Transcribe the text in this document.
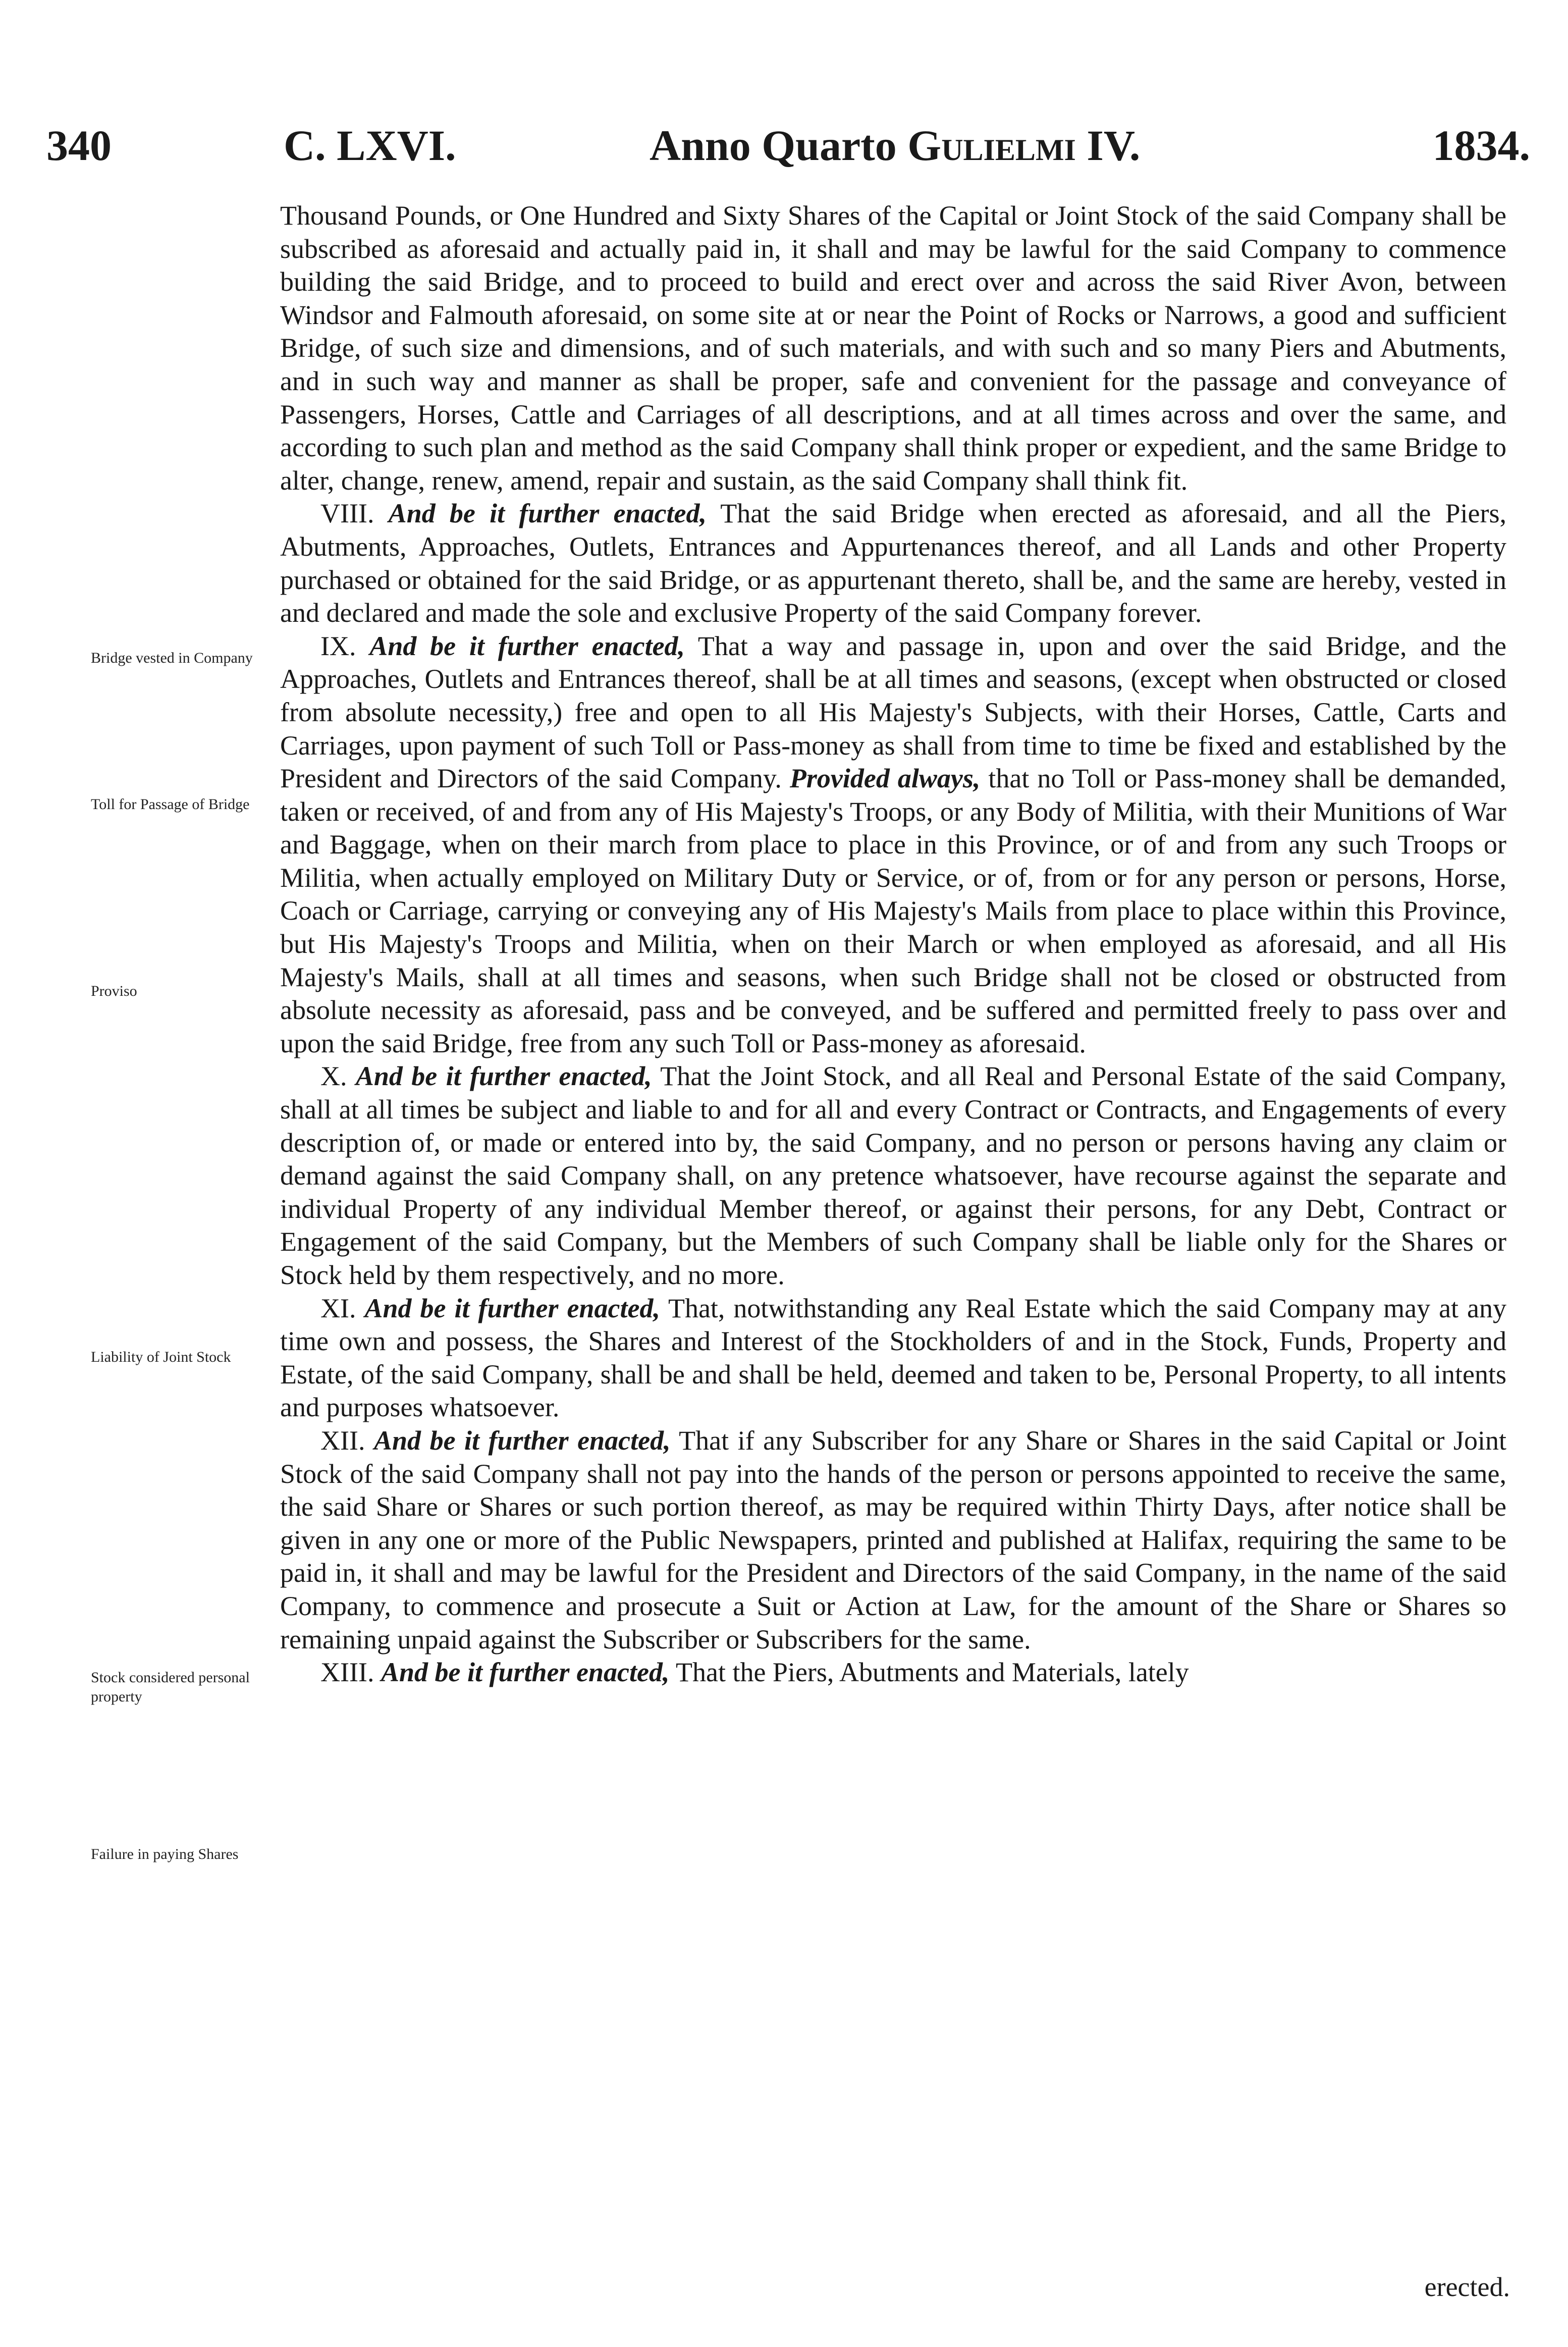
340	C. LXVI.	Anno Quarto Gulielmi IV.	1834.

Thousand Pounds, or One Hundred and Sixty Shares of the Capital or Joint Stock of the said Company shall be subscribed as aforesaid and actually paid in, it shall and may be lawful for the said Company to commence building the said Bridge, and to proceed to build and erect over and across the said River Avon, between Windsor and Falmouth aforesaid, on some site at or near the Point of Rocks or Narrows, a good and sufficient Bridge, of such size and dimensions, and of such materials, and with such and so many Piers and Abutments, and in such way and manner as shall be proper, safe and convenient for the passage and conveyance of Passengers, Horses, Cattle and Carriages of all descriptions, and at all times across and over the same, and according to such plan and method as the said Company shall think proper or expedient, and the same Bridge to alter, change, renew, amend, repair and sustain, as the said Company shall think fit.

VIII. And be it further enacted, That the said Bridge when erected as aforesaid, and all the Piers, Abutments, Approaches, Outlets, Entrances and Appurtenances thereof, and all Lands and other Property purchased or obtained for the said Bridge, or as appurtenant thereto, shall be, and the same are hereby, vested in and declared and made the sole and exclusive Property of the said Company forever.

IX. And be it further enacted, That a way and passage in, upon and over the said Bridge, and the Approaches, Outlets and Entrances thereof, shall be at all times and seasons, (except when obstructed or closed from absolute necessity,) free and open to all His Majesty's Subjects, with their Horses, Cattle, Carts and Carriages, upon payment of such Toll or Pass-money as shall from time to time be fixed and established by the President and Directors of the said Company. Provided always, that no Toll or Pass-money shall be demanded, taken or received, of and from any of His Majesty's Troops, or any Body of Militia, with their Munitions of War and Baggage, when on their march from place to place in this Province, or of and from any such Troops or Militia, when actually employed on Military Duty or Service, or of, from or for any person or persons, Horse, Coach or Carriage, carrying or conveying any of His Majesty's Mails from place to place within this Province, but His Majesty's Troops and Militia, when on their March or when employed as aforesaid, and all His Majesty's Mails, shall at all times and seasons, when such Bridge shall not be closed or obstructed from absolute necessity as aforesaid, pass and be conveyed, and be suffered and permitted freely to pass over and upon the said Bridge, free from any such Toll or Pass-money as aforesaid.

X. And be it further enacted, That the Joint Stock, and all Real and Personal Estate of the said Company, shall at all times be subject and liable to and for all and every Contract or Contracts, and Engagements of every description of, or made or entered into by, the said Company, and no person or persons having any claim or demand against the said Company shall, on any pretence whatsoever, have recourse against the separate and individual Property of any individual Member thereof, or against their persons, for any Debt, Contract or Engagement of the said Company, but the Members of such Company shall be liable only for the Shares or Stock held by them respectively, and no more.

XI. And be it further enacted, That, notwithstanding any Real Estate which the said Company may at any time own and possess, the Shares and Interest of the Stockholders of and in the Stock, Funds, Property and Estate, of the said Company, shall be and shall be held, deemed and taken to be, Personal Property, to all intents and purposes whatsoever.

XII. And be it further enacted, That if any Subscriber for any Share or Shares in the said Capital or Joint Stock of the said Company shall not pay into the hands of the person or persons appointed to receive the same, the said Share or Shares or such portion thereof, as may be required within Thirty Days, after notice shall be given in any one or more of the Public Newspapers, printed and published at Halifax, requiring the same to be paid in, it shall and may be lawful for the President and Directors of the said Company, in the name of the said Company, to commence and prosecute a Suit or Action at Law, for the amount of the Share or Shares so remaining unpaid against the Subscriber or Subscribers for the same.

XIII. And be it further enacted, That the Piers, Abutments and Materials, lately

Bridge vested in Company
Toll for Passage of Bridge
Proviso
Liability of Joint Stock
Stock considered personal property
Failure in paying Shares
erected.
